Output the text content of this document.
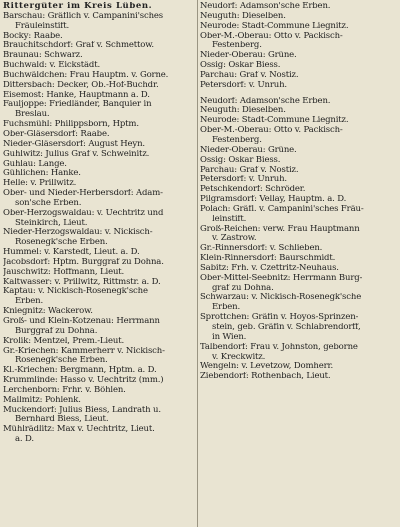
Rittergüter im Kreis Lüben.
Barschau: Gräflich v. Campanini'sches
Fräuleinstift.
Bocky: Raabe.
Brauchitschdorf: Graf v. Schmettow.
Braunau: Schwarz.
Buchwald: v. Eickstädt.
Buchwäldchen: Frau Hauptm. v. Gorne.
Dittersbach: Decker, Ob.-Hof-Buchdr.
Eisemost: Hanke, Hauptmann a. D.
Fauljoppe: Friedländer, Banquier in
Breslau.
Fuchsmühl: Philippsborn, Hptm.
Ober-Gläsersdorf: Raabe.
Nieder-Gläsersdorf: August Heyn.
Guhlwitz: Julius Graf v. Schweinitz.
Guhlau: Lange.
Gühlichen: Hanke.
Helle: v. Prillwitz.
Ober- und Nieder-Herbersdorf: Adam-
son'sche Erben.
Ober-Herzogswaldau: v. Uechtritz und
Steinkirch, Lieut.
Nieder-Herzogswaldau: v. Nickisch-
Rosenegk'sche Erben.
Hummel: v. Karstedt, Lieut. a. D.
Jacobsdorf: Hptm. Burggraf zu Dohna.
Jauschwitz: Hoffmann, Lieut.
Kaltwasser: v. Prillwitz, Rittmstr. a. D.
Kaptau: v. Nickisch-Rosenegk'sche
Erben.
Kniegnitz: Wackerow.
Groß- und Klein-Kotzenau: Herrmann
Burggraf zu Dohna.
Krolik: Mentzel, Prem.-Lieut.
Gr.-Kriechen: Kammerherr v. Nickisch-
Rosenegk'sche Erben.
Kl.-Kriechen: Bergmann, Hptm. a. D.
Krummlinde: Hasso v. Uechtritz (mm.)
Lerchenborn: Frhr. v. Böhlen.
Mallmitz: Pohlenk.
Muckendorf: Julius Biess, Landrath u.
Bernhard Biess, Lieut.
Mühlrädlitz: Max v. Uechtritz, Lieut.
a. D.
Neudorf: Adamson'sche Erben.
Neuguth: Dieselben.
Neurode: Stadt-Commune Liegnitz.
Ober-M.-Oberau: Otto v. Packisch-
Festenberg.
Nieder-Oberau: Grüne.
Ossig: Oskar Biess.
Parchau: Graf v. Nostiz.
Petersdorf: v. Unruh.
Neudorf: Adamson'sche Erben.
Neuguth: Dieselben.
Neurode: Stadt-Commune Liegnitz.
Ober-M.-Oberau: Otto v. Packisch-
Festenberg.
Nieder-Oberau: Grüne.
Ossig: Oskar Biess.
Parchau: Graf v. Nostiz.
Petersdorf: v. Unruh.
Petschkendorf: Schröder.
Pilgramsdorf: Vellay, Hauptm. a. D.
Polach: Gräfl. v. Campanini'sches Fräu-
leinstift.
Groß-Reichen: verw. Frau Hauptmann
v. Zastrow.
Gr.-Rinnersdorf: v. Schlieben.
Klein-Rinnersdorf: Baurschmidt.
Sabitz: Frh. v. Czettritz-Neuhaus.
Ober-Mittel-Seebnitz: Herrmann Burg-
graf zu Dohna.
Schwarzau: v. Nickisch-Rosenegk'sche
Erben.
Sprottchen: Gräfin v. Hoyos-Sprinzen-
stein, geb. Gräfin v. Schlabrendorff,
in Wien.
Talbendorf: Frau v. Johnston, geborne
v. Kreckwitz.
Wengeln: v. Levetzow, Domherr.
Ziebendorf: Rothenbach, Lieut.
